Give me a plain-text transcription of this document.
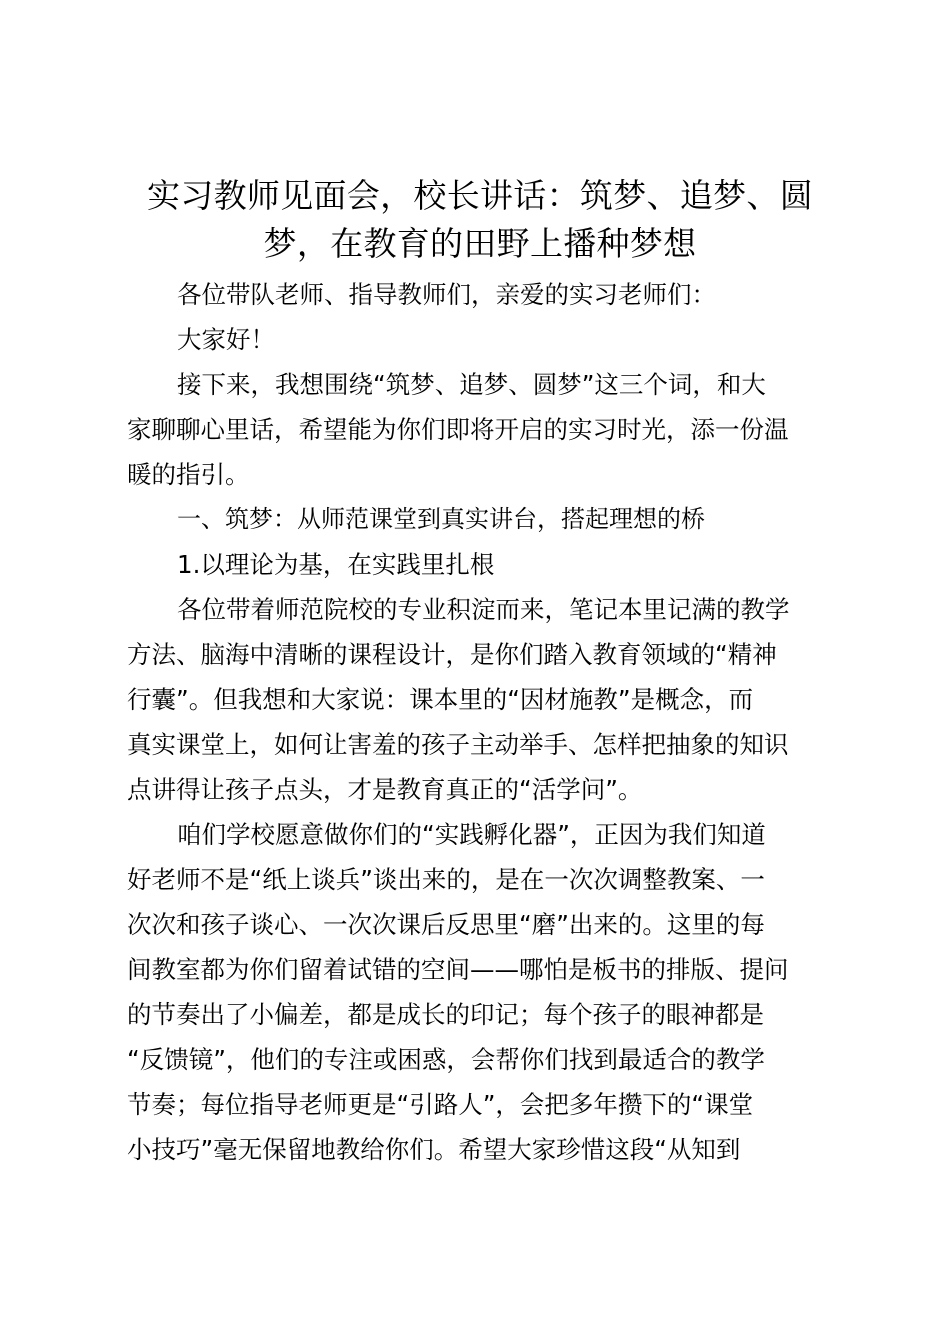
实习教师见面会，校长讲话：筑梦、追梦、圆
梦，在教育的田野上播种梦想
各位带队老师、指导教师们，亲爱的实习老师们：
大家好！
接下来，我想围绕“筑梦、追梦、圆梦”这三个词，和大
家聊聊心里话，希望能为你们即将开启的实习时光，添一份温
暖的指引。
一、筑梦：从师范课堂到真实讲台，搭起理想的桥
1.以理论为基，在实践里扎根
各位带着师范院校的专业积淀而来，笔记本里记满的教学
方法、脑海中清晰的课程设计，是你们踏入教育领域的“精神
行囊”。但我想和大家说：课本里的“因材施教”是概念，而
真实课堂上，如何让害羞的孩子主动举手、怎样把抽象的知识
点讲得让孩子点头，才是教育真正的“活学问”。
咱们学校愿意做你们的“实践孵化器”，正因为我们知道
好老师不是“纸上谈兵”谈出来的，是在一次次调整教案、一
次次和孩子谈心、一次次课后反思里“磨”出来的。这里的每
间教室都为你们留着试错的空间——哪怕是板书的排版、提问
的节奏出了小偏差，都是成长的印记；每个孩子的眼神都是
“反馈镜”，他们的专注或困惑，会帮你们找到最适合的教学
节奏；每位指导老师更是“引路人”，会把多年攒下的“课堂
小技巧”毫无保留地教给你们。希望大家珍惜这段“从知到
